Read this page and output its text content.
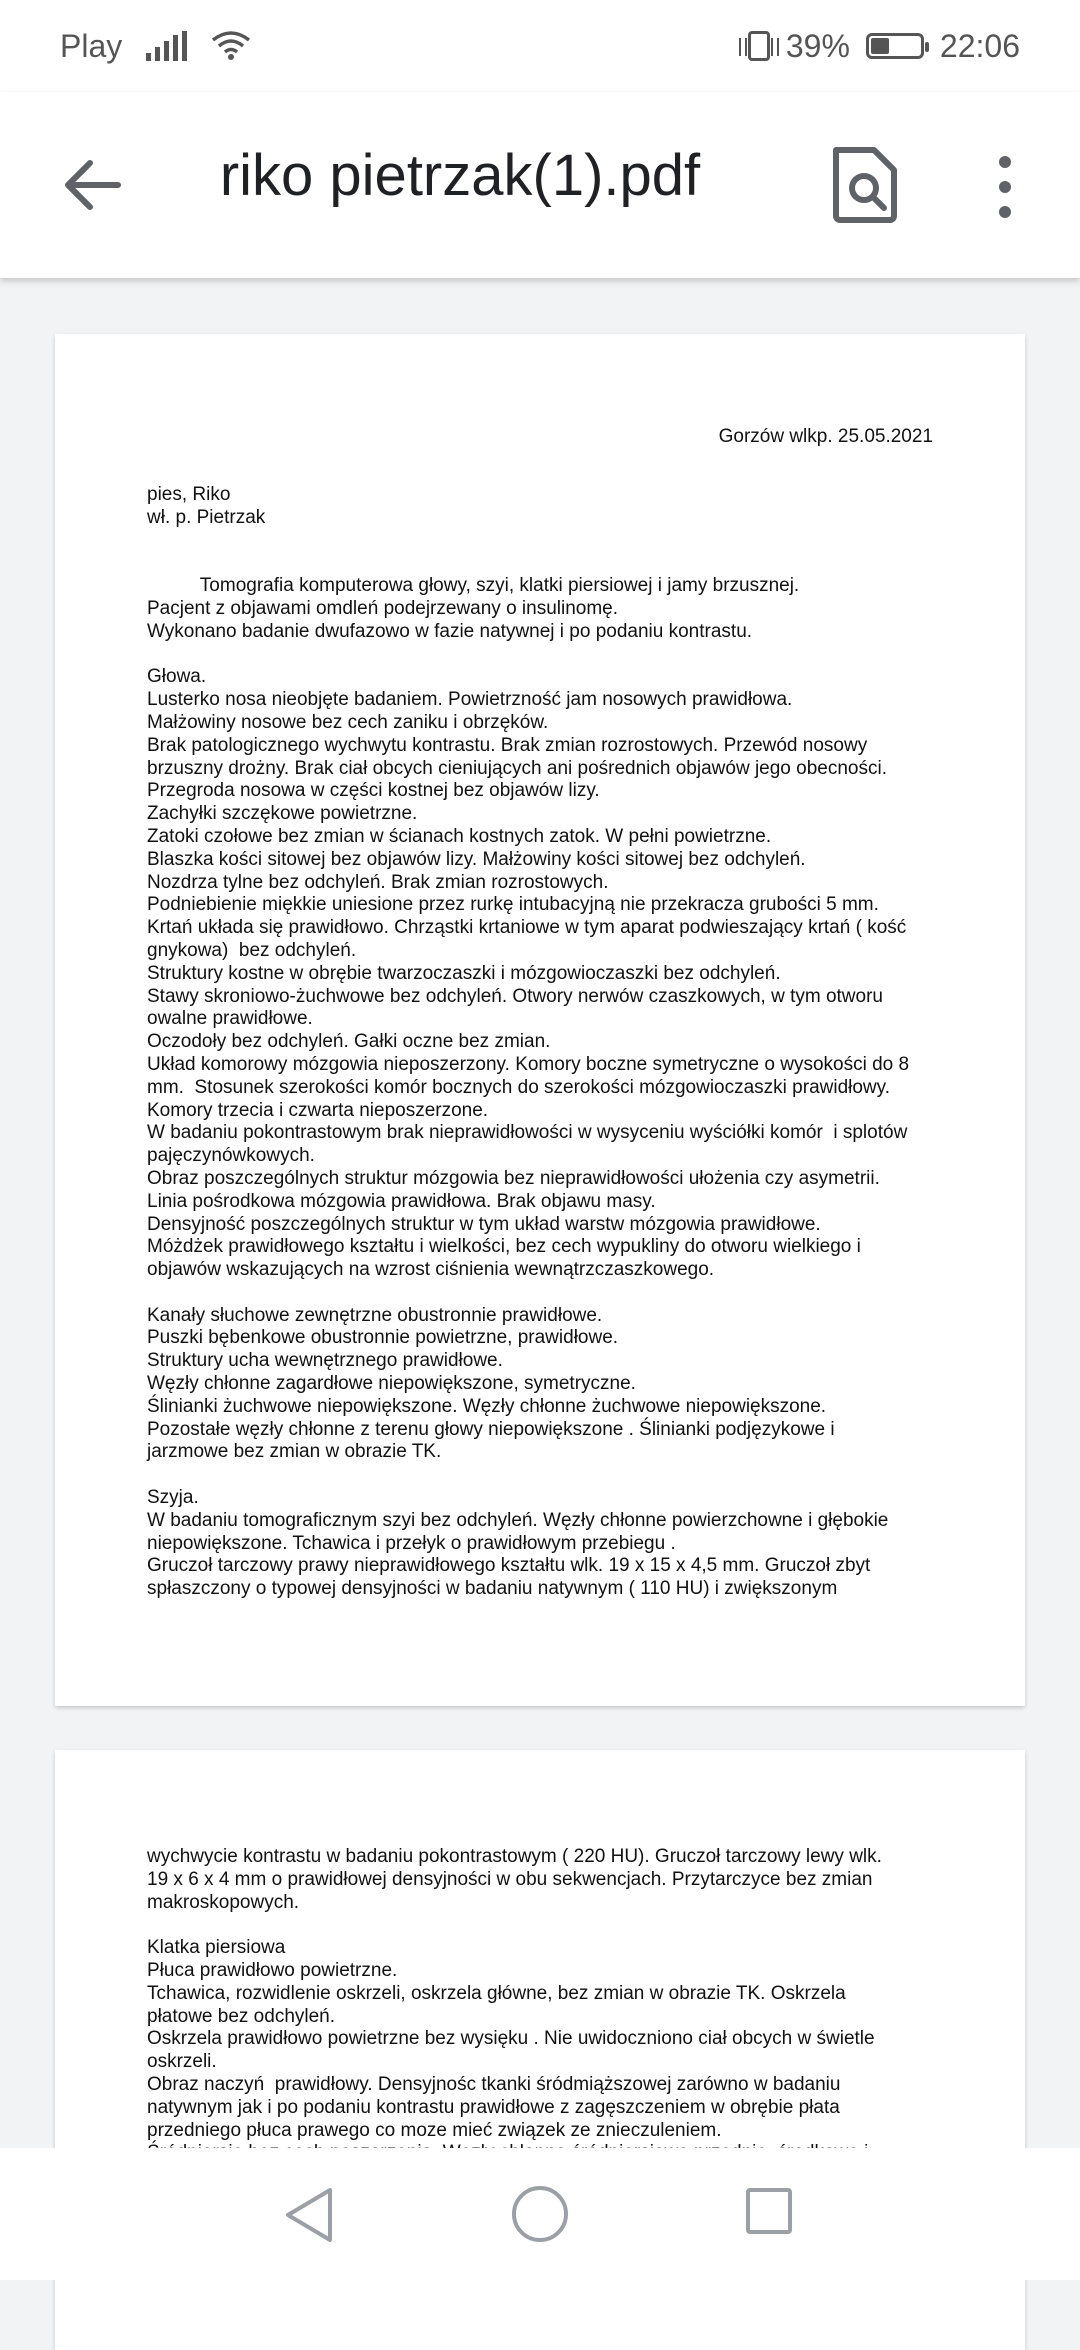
Play	39%	22:06
riko pietrzak(1).pdf
Gorzów wlkp. 25.05.2021
pies, Riko
wł. p. Pietrzak

Tomografia komputerowa głowy, szyi, klatki piersiowej i jamy brzusznej.
Pacjent z objawami omdleń podejrzewany o insulinomę.
Wykonano badanie dwufazowo w fazie natywnej i po podaniu kontrastu.

Głowa.
Lusterko nosa nieobjęte badaniem. Powietrzność jam nosowych prawidłowa.
Małżowiny nosowe bez cech zaniku i obrzęków.
Brak patologicznego wychwytu kontrastu. Brak zmian rozrostowych. Przewód nosowy
brzuszny drożny. Brak ciał obcych cieniujących ani pośrednich objawów jego obecności.
Przegroda nosowa w części kostnej bez objawów lizy.
Zachyłki szczękowe powietrzne.
Zatoki czołowe bez zmian w ścianach kostnych zatok. W pełni powietrzne.
Blaszka kości sitowej bez objawów lizy. Małżowiny kości sitowej bez odchyleń.
Nozdrza tylne bez odchyleń. Brak zmian rozrostowych.
Podniebienie miękkie uniesione przez rurkę intubacyjną nie przekracza grubości 5 mm.
Krtań układa się prawidłowo. Chrząstki krtaniowe w tym aparat podwieszający krtań ( kość
gnykowa)  bez odchyleń.
Struktury kostne w obrębie twarzoczaszki i mózgowioczaszki bez odchyleń.
Stawy skroniowo-żuchwowe bez odchyleń. Otwory nerwów czaszkowych, w tym otworu
owalne prawidłowe.
Oczodoły bez odchyleń. Gałki oczne bez zmian.
Układ komorowy mózgowia nieposzerzony. Komory boczne symetryczne o wysokości do 8
mm.  Stosunek szerokości komór bocznych do szerokości mózgowioczaszki prawidłowy.
Komory trzecia i czwarta nieposzerzone.
W badaniu pokontrastowym brak nieprawidłowości w wysyceniu wyściółki komór  i splotów
pajęczynówkowych.
Obraz poszczególnych struktur mózgowia bez nieprawidłowości ułożenia czy asymetrii.
Linia pośrodkowa mózgowia prawidłowa. Brak objawu masy.
Densyjność poszczególnych struktur w tym układ warstw mózgowia prawidłowe.
Móżdżek prawidłowego kształtu i wielkości, bez cech wypukliny do otworu wielkiego i
objawów wskazujących na wzrost ciśnienia wewnątrzczaszkowego.

Kanały słuchowe zewnętrzne obustronnie prawidłowe.
Puszki bębenkowe obustronnie powietrzne, prawidłowe.
Struktury ucha wewnętrznego prawidłowe.
Węzły chłonne zagardłowe niepowiększone, symetryczne.
Ślinianki żuchwowe niepowiększone. Węzły chłonne żuchwowe niepowiększone.
Pozostałe węzły chłonne z terenu głowy niepowiększone . Ślinianki podjęzykowe i
jarzmowe bez zmian w obrazie TK.

Szyja.
W badaniu tomograficznym szyi bez odchyleń. Węzły chłonne powierzchowne i głębokie
niepowiększone. Tchawica i przełyk o prawidłowym przebiegu .
Gruczoł tarczowy prawy nieprawidłowego kształtu wlk. 19 x 15 x 4,5 mm. Gruczoł zbyt
spłaszczony o typowej densyjności w badaniu natywnym ( 110 HU) i zwiększonym
wychwycie kontrastu w badaniu pokontrastowym ( 220 HU). Gruczoł tarczowy lewy wlk.
19 x 6 x 4 mm o prawidłowej densyjności w obu sekwencjach. Przytarczyce bez zmian
makroskopowych.

Klatka piersiowa
Płuca prawidłowo powietrzne.
Tchawica, rozwidlenie oskrzeli, oskrzela główne, bez zmian w obrazie TK. Oskrzela
płatowe bez odchyleń.
Oskrzela prawidłowo powietrzne bez wysięku . Nie uwidoczniono ciał obcych w świetle
oskrzeli.
Obraz naczyń  prawidłowy. Densyjnośc tkanki śródmiąższowej zarówno w badaniu
natywnym jak i po podaniu kontrastu prawidłowe z zagęszczeniem w obrębie płata
przedniego płuca prawego co moze mieć związek ze znieczuleniem.
